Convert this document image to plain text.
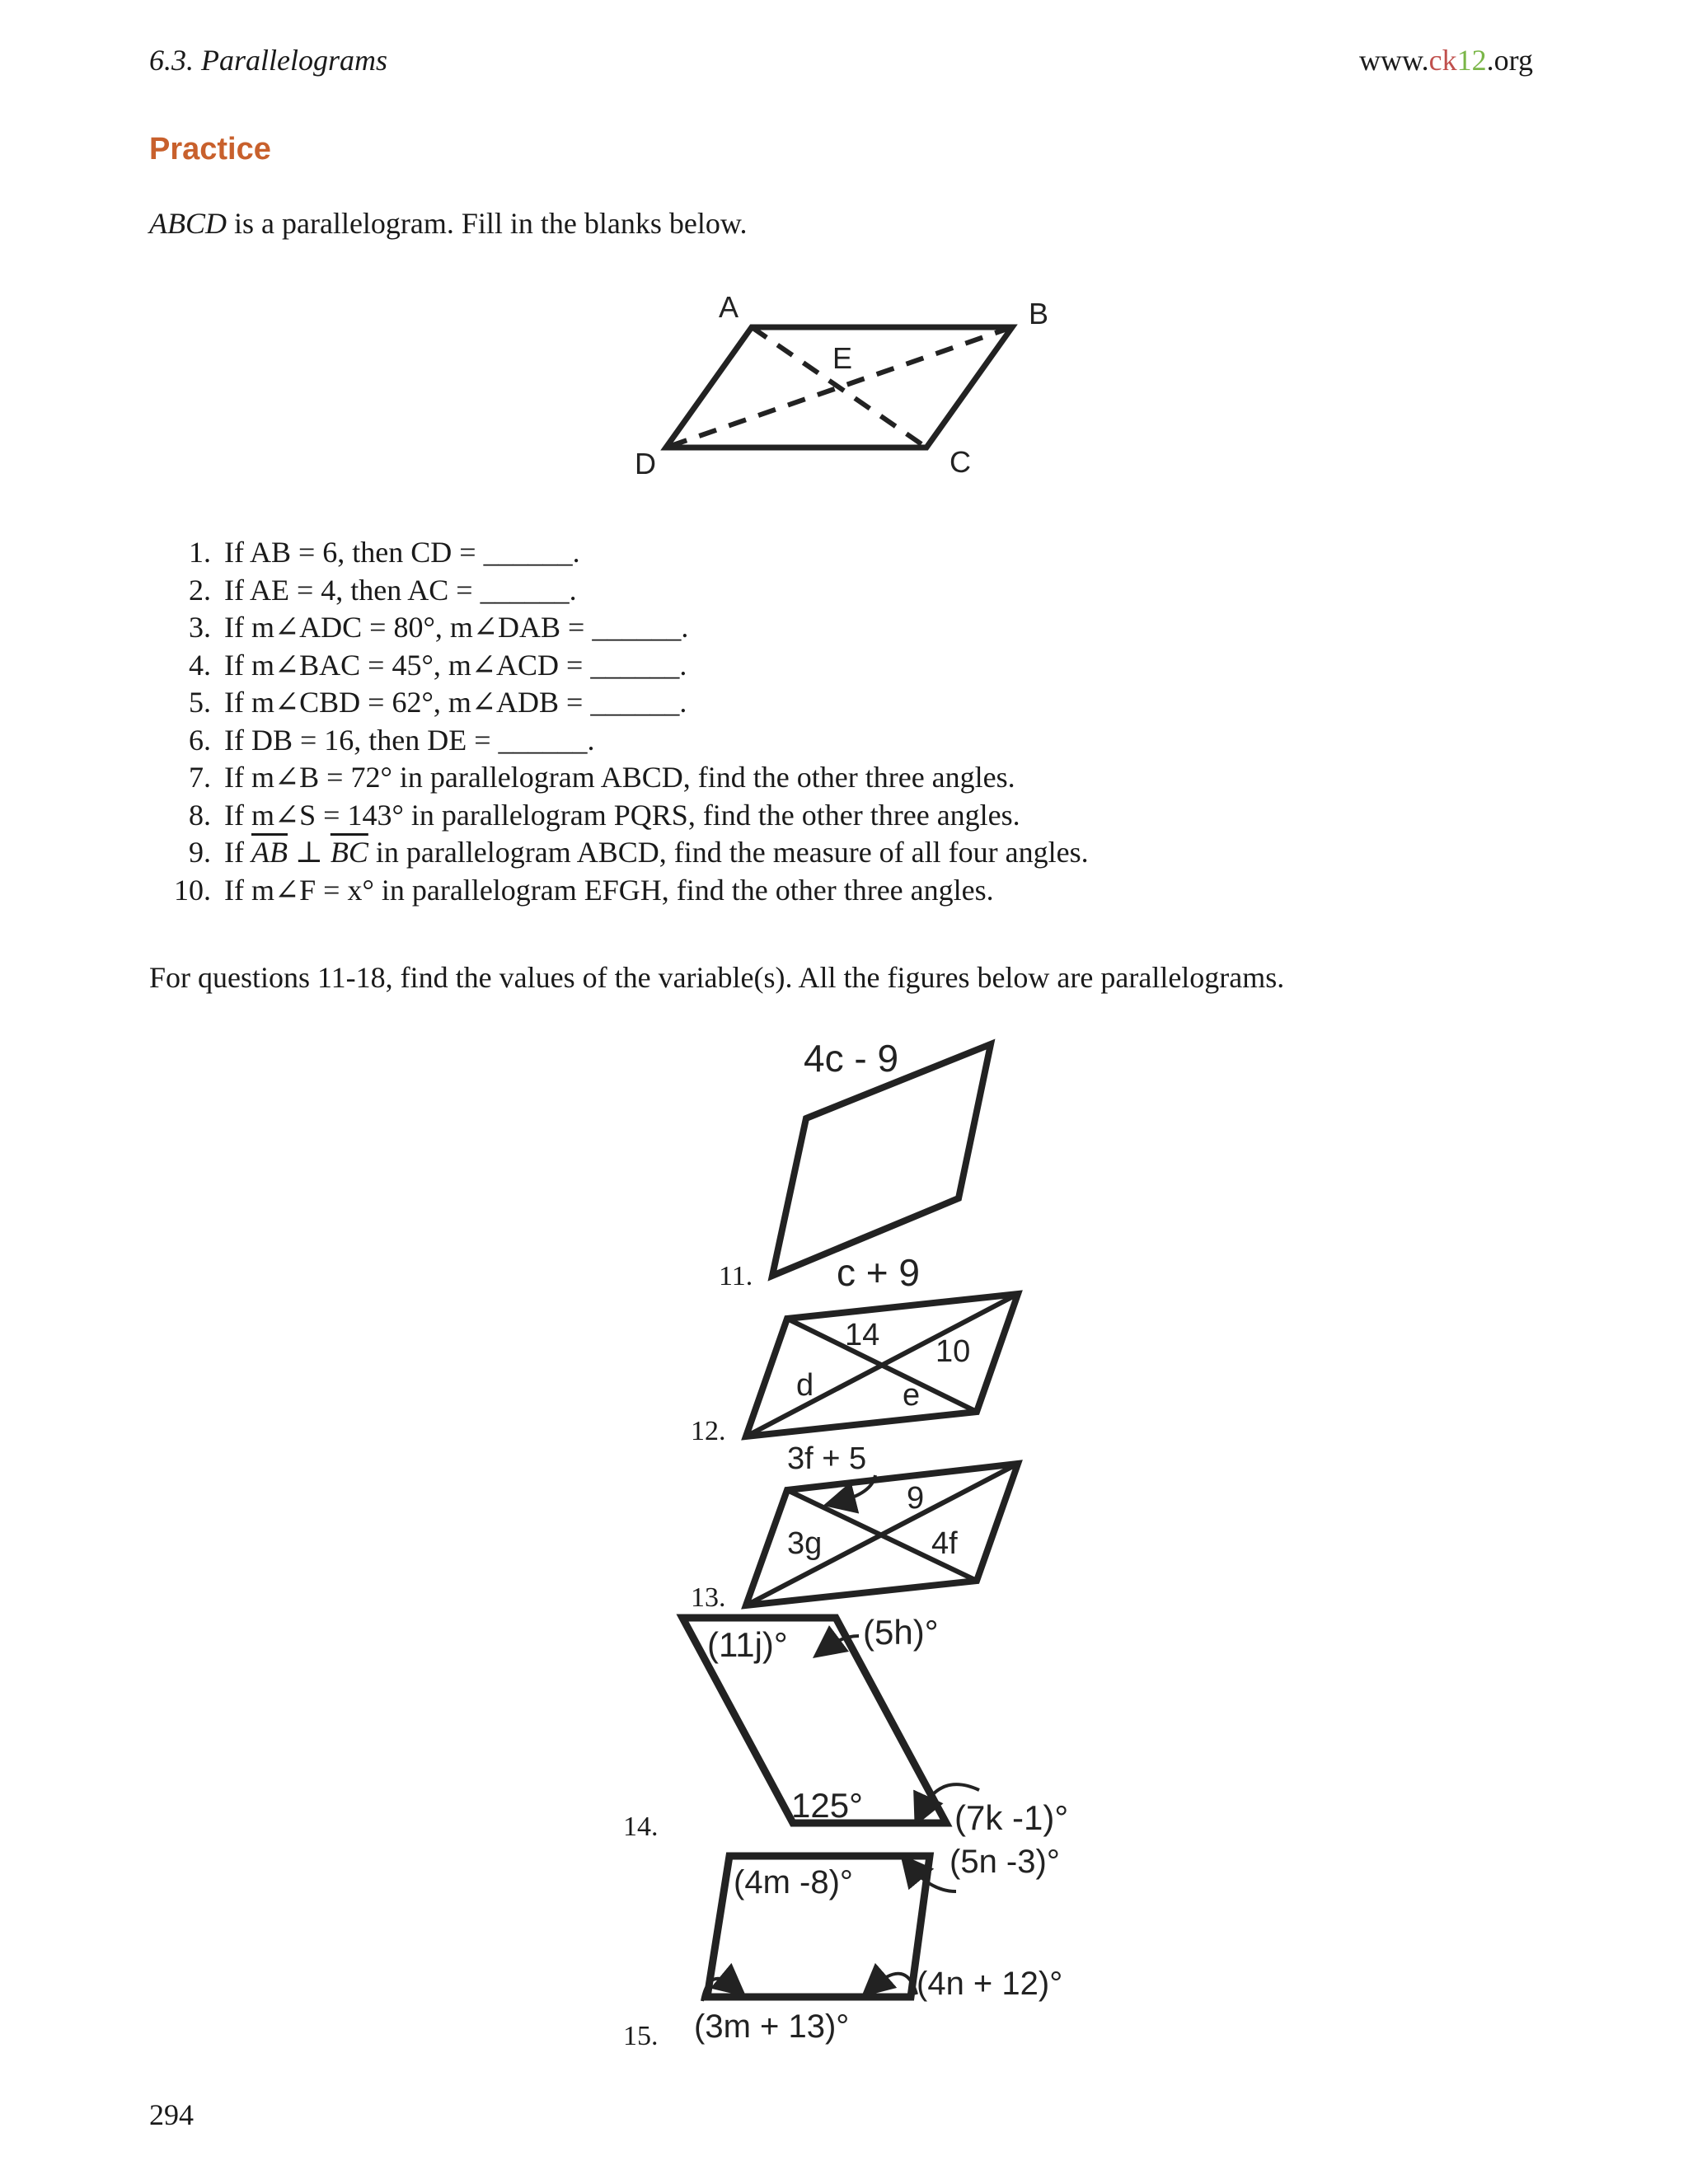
6.3. Parallelograms	www.ck12.org
Practice
ABCD is a parallelogram. Fill in the blanks below.
A	B
C
D
E
1. If AB = 6, then CD = ______.
2. If AE = 4, then AC = ______.
3. If m∠ADC = 80°, m∠DAB = ______.
4. If m∠BAC = 45°, m∠ACD = ______.
5. If m∠CBD = 62°, m∠ADB = ______.
6. If DB = 16, then DE = ______.
7. If m∠B = 72° in parallelogram ABCD, find the other three angles.
8. If m∠S = 143° in parallelogram PQRS, find the other three angles.
9. If $\overline{AB}$ ⊥ $\overline{BC}$ in parallelogram ABCD, find the measure of all four angles.
10. If m∠F = x° in parallelogram EFGH, find the other three angles.
For questions 11-18, find the values of the variable(s). All the figures below are parallelograms.
11.
12.
13.
14.
15.
4c - 9
c + 9
14 10
d	e
3f + 5
9
3g	4f
(11j)° (5h)°
125°	(7k -1)°
(4m -8)°
(5n -3)°
(4n + 12)°
(3m + 13)°
294
